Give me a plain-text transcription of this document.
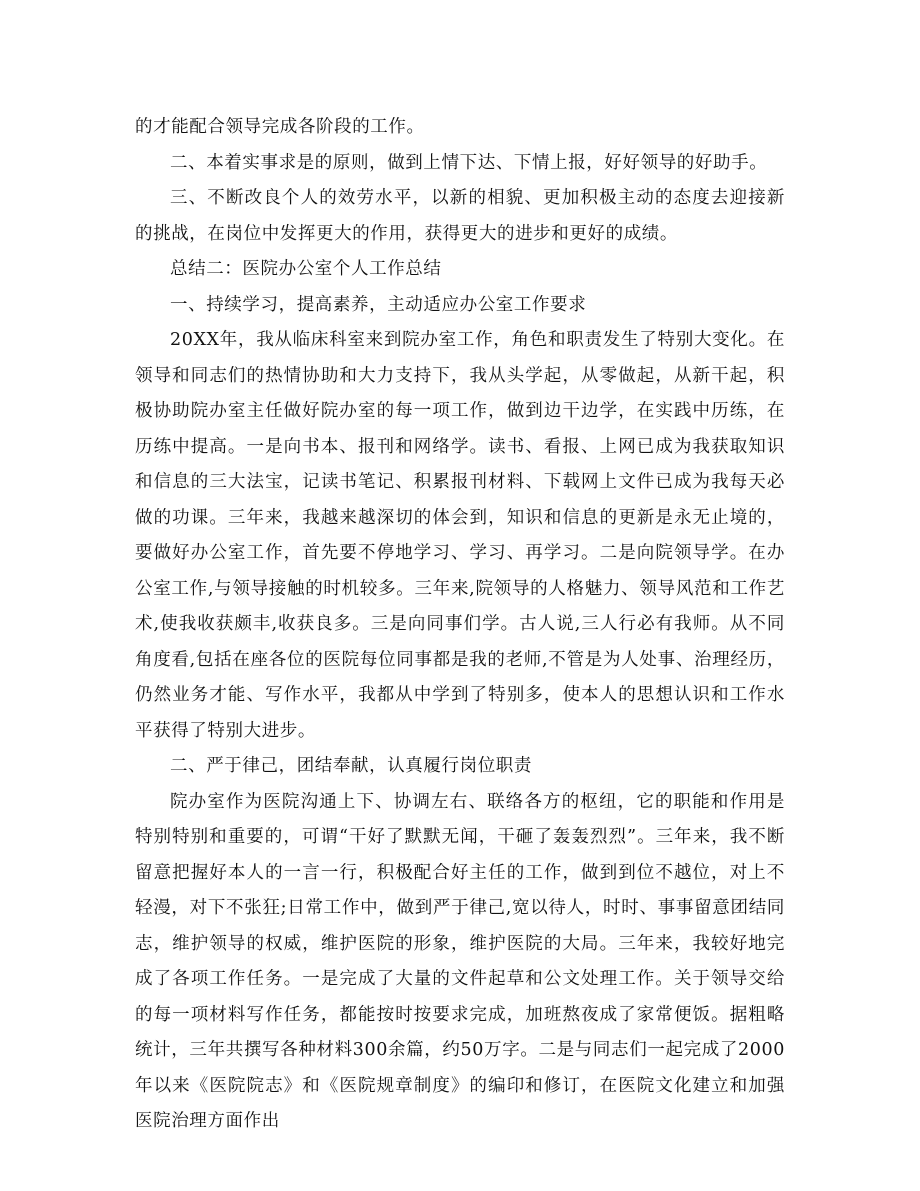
的才能配合领导完成各阶段的工作。

二、本着实事求是的原则，做到上情下达、下情上报，好好领导的好助手。

三、不断改良个人的效劳水平，以新的相貌、更加积极主动的态度去迎接新的挑战，在岗位中发挥更大的作用，获得更大的进步和更好的成绩。

总结二：医院办公室个人工作总结

一、持续学习，提高素养，主动适应办公室工作要求

20XX年，我从临床科室来到院办室工作，角色和职责发生了特别大变化。在领导和同志们的热情协助和大力支持下，我从头学起，从零做起，从新干起，积极协助院办室主任做好院办室的每一项工作，做到边干边学，在实践中历练，在历练中提高。一是向书本、报刊和网络学。读书、看报、上网已成为我获取知识和信息的三大法宝，记读书笔记、积累报刊材料、下载网上文件已成为我每天必做的功课。三年来，我越来越深切的体会到，知识和信息的更新是永无止境的，要做好办公室工作，首先要不停地学习、学习、再学习。二是向院领导学。在办公室工作,与领导接触的时机较多。三年来,院领导的人格魅力、领导风范和工作艺术,使我收获颇丰,收获良多。三是向同事们学。古人说,三人行必有我师。从不同角度看,包括在座各位的医院每位同事都是我的老师,不管是为人处事、治理经历，仍然业务才能、写作水平，我都从中学到了特别多，使本人的思想认识和工作水平获得了特别大进步。

二、严于律己，团结奉献，认真履行岗位职责

院办室作为医院沟通上下、协调左右、联络各方的枢纽，它的职能和作用是特别特别和重要的，可谓“干好了默默无闻，干砸了轰轰烈烈”。三年来，我不断留意把握好本人的一言一行，积极配合好主任的工作，做到到位不越位，对上不轻漫，对下不张狂;日常工作中，做到严于律己,宽以待人，时时、事事留意团结同志，维护领导的权威，维护医院的形象，维护医院的大局。三年来，我较好地完成了各项工作任务。一是完成了大量的文件起草和公文处理工作。关于领导交给的每一项材料写作任务，都能按时按要求完成，加班熬夜成了家常便饭。据粗略统计，三年共撰写各种材料300余篇，约50万字。二是与同志们一起完成了2000年以来《医院院志》和《医院规章制度》的编印和修订，在医院文化建立和加强医院治理方面作出
